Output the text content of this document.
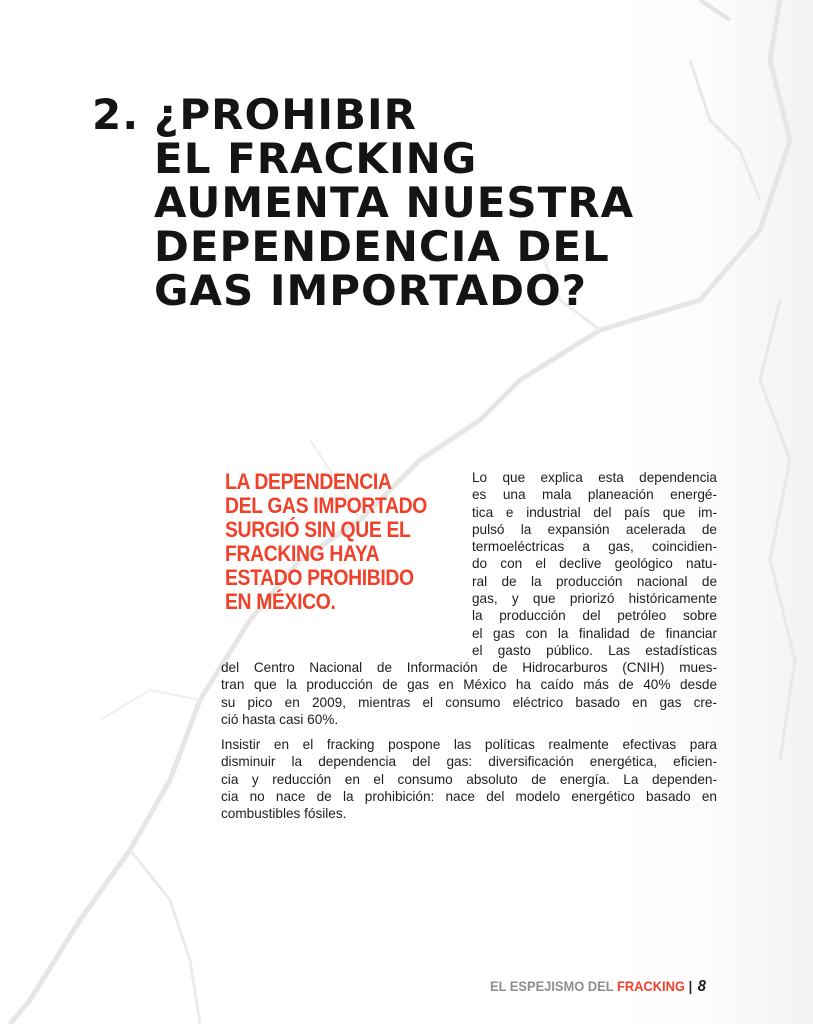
2. ¿PROHIBIR
EL FRACKING
AUMENTA NUESTRA
DEPENDENCIA DEL
GAS IMPORTADO?
LA DEPENDENCIA
DEL GAS IMPORTADO
SURGIÓ SIN QUE EL
FRACKING HAYA
ESTADO PROHIBIDO
EN MÉXICO.
Lo que explica esta dependencia
es una mala planeación energé-
tica e industrial del país que im-
pulsó la expansión acelerada de
termoeléctricas a gas, coincidien-
do con el declive geológico natu-
ral de la producción nacional de
gas, y que priorizó históricamente
la producción del petróleo sobre
el gas con la finalidad de financiar
el gasto público. Las estadísticas
del Centro Nacional de Información de Hidrocarburos (CNIH) mues-
tran que la producción de gas en México ha caído más de 40% desde
su pico en 2009, mientras el consumo eléctrico basado en gas cre-
ció hasta casi 60%.
Insistir en el fracking pospone las políticas realmente efectivas para
disminuir la dependencia del gas: diversificación energética, eficien-
cia y reducción en el consumo absoluto de energía. La dependen-
cia no nace de la prohibición: nace del modelo energético basado en
combustibles fósiles.
EL ESPEJISMO DEL FRACKING | 8
